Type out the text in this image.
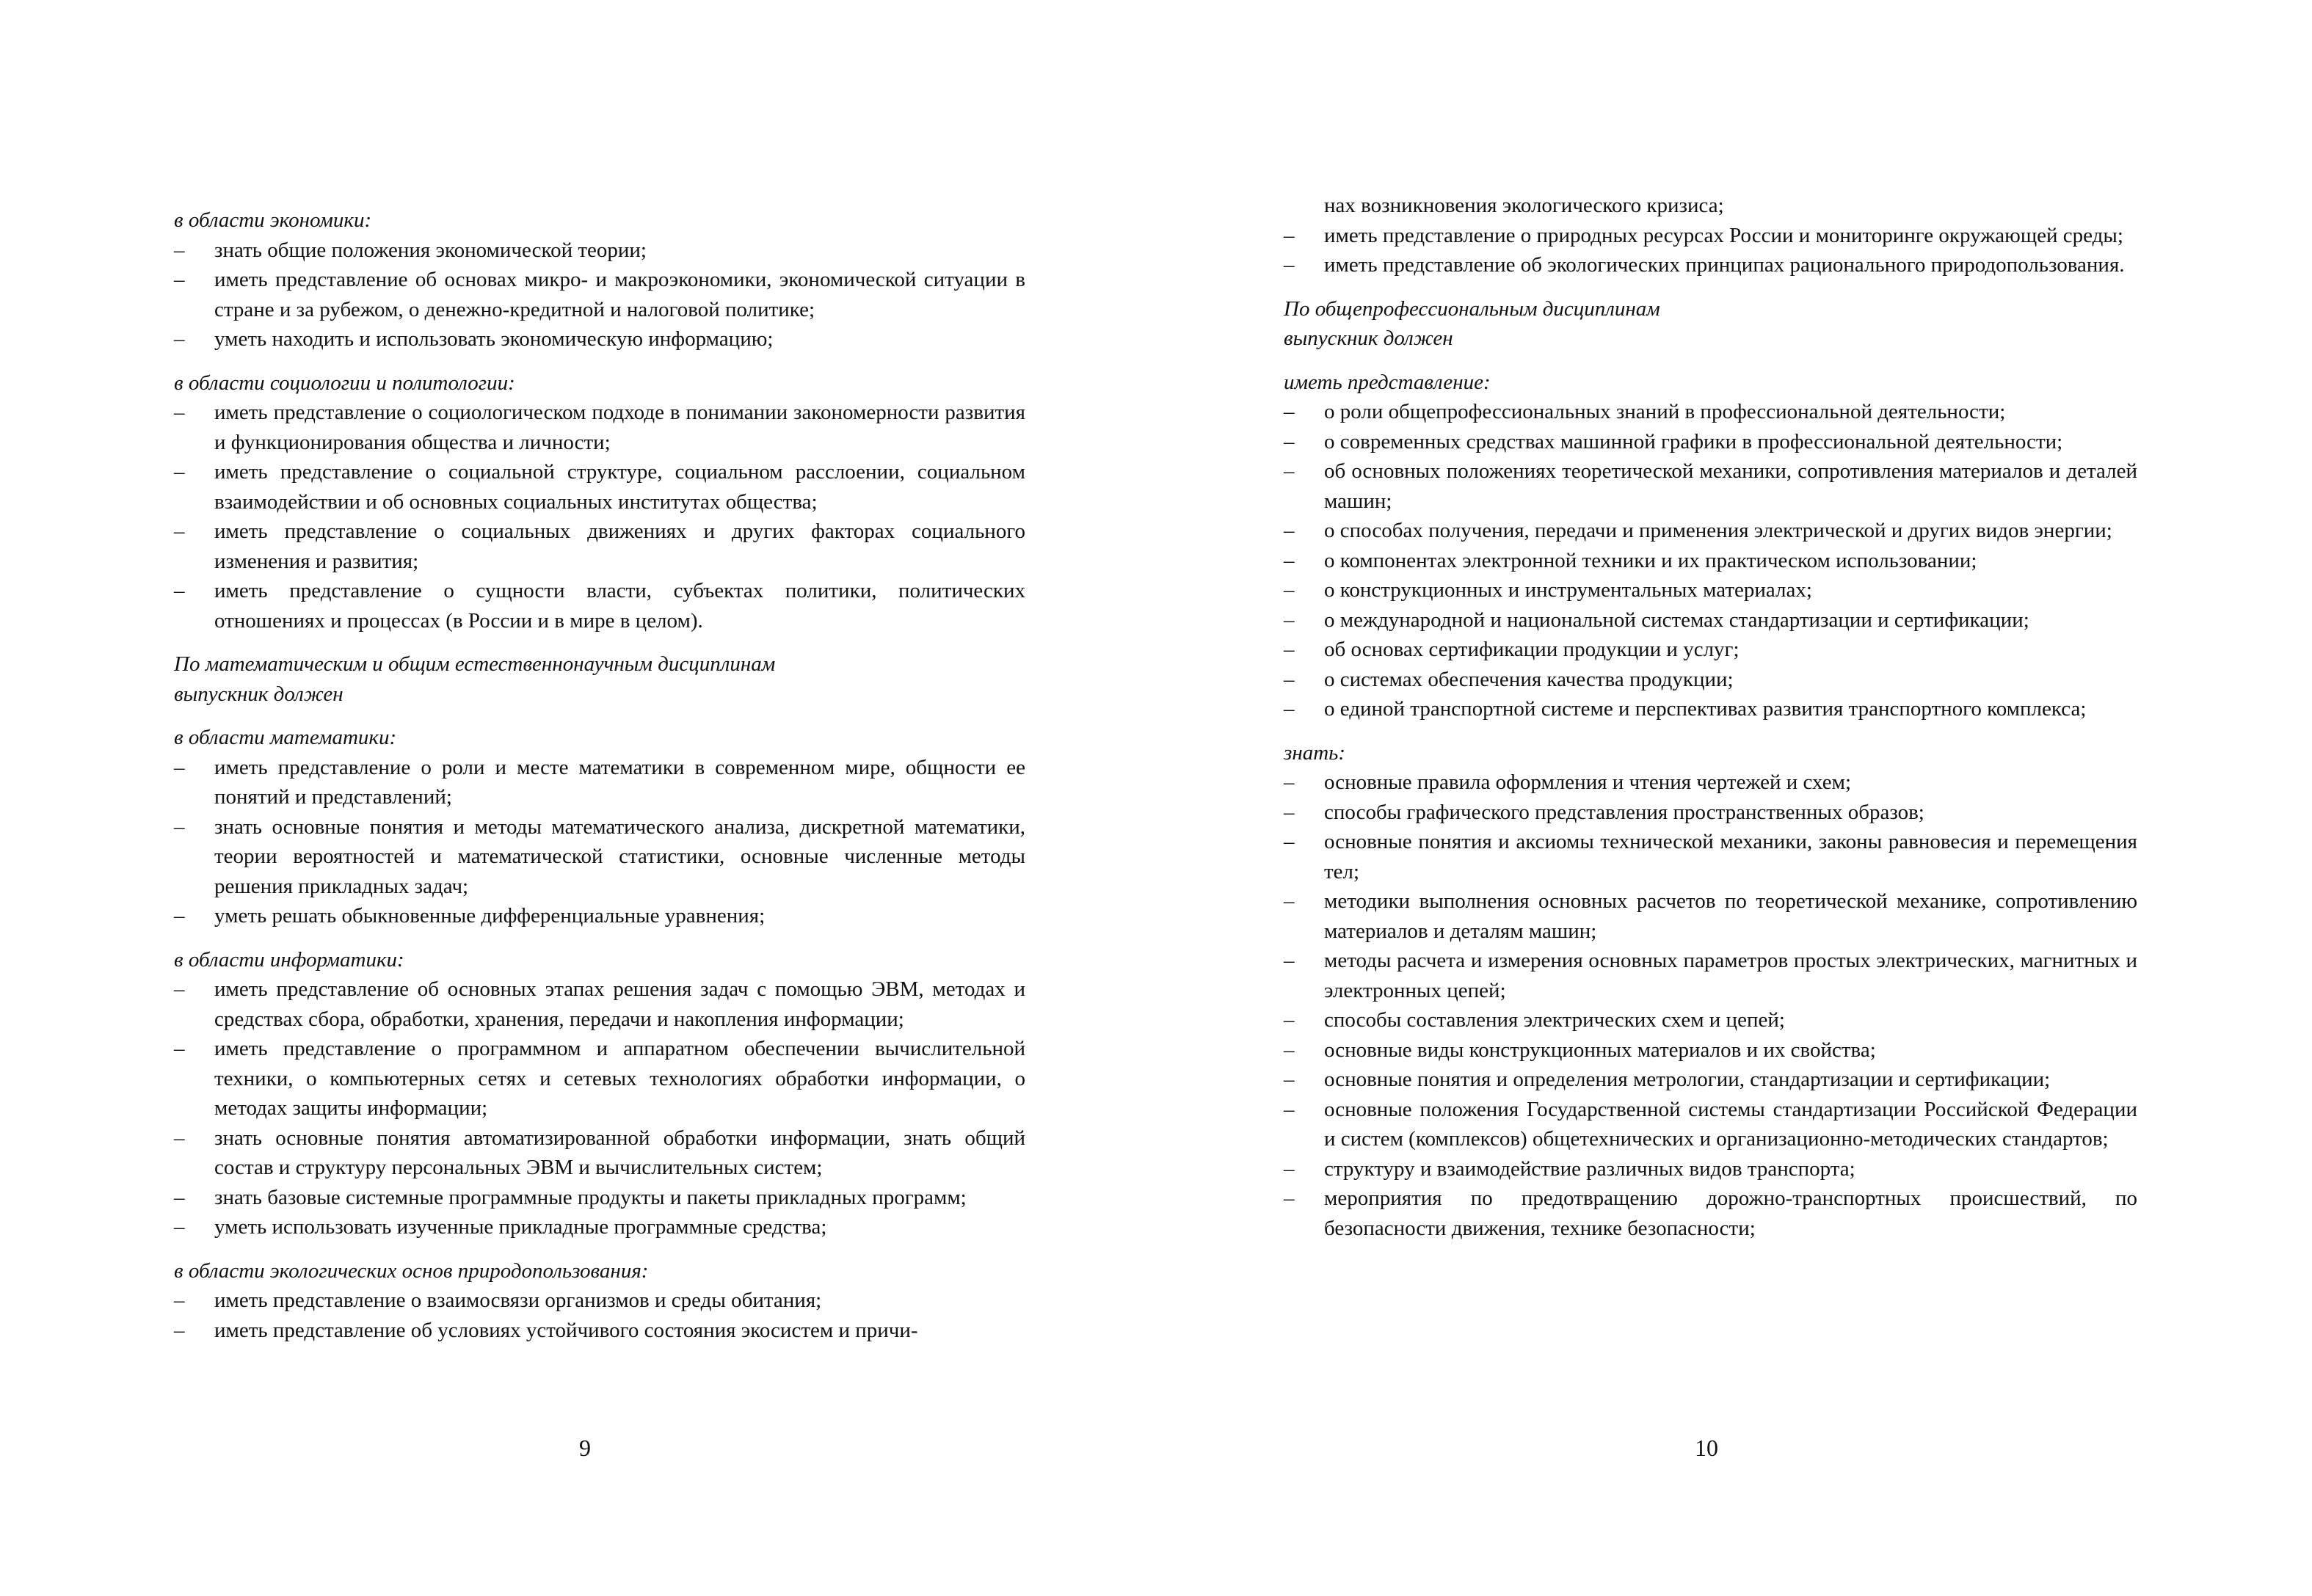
в области экономики:

– знать общие положения экономической теории;
– иметь представление об основах микро- и макроэкономики, экономической ситуации в стране и за рубежом, о денежно-кредитной и налоговой политике;
– уметь находить и использовать экономическую информацию;

в области социологии и политологии:

– иметь представление о социологическом подходе в понимании закономерности развития и функционирования общества и личности;
– иметь представление о социальной структуре, социальном расслоении, социальном взаимодействии и об основных социальных институтах общества;
– иметь представление о социальных движениях и других факторах социального изменения и развития;
– иметь представление о сущности власти, субъектах политики, политических отношениях и процессах (в России и в мире в целом).

По математическим и общим естественнонаучным дисциплинам
выпускник должен

в области математики:

– иметь представление о роли и месте математики в современном мире, общности ее понятий и представлений;
– знать основные понятия и методы математического анализа, дискретной математики, теории вероятностей и математической статистики, основные численные методы решения прикладных задач;
– уметь решать обыкновенные дифференциальные уравнения;

в области информатики:

– иметь представление об основных этапах решения задач с помощью ЭВМ, методах и средствах сбора, обработки, хранения, передачи и накопления информации;
– иметь представление о программном и аппаратном обеспечении вычислительной техники, о компьютерных сетях и сетевых технологиях обработки информации, о методах защиты информации;
– знать основные понятия автоматизированной обработки информации, знать общий состав и структуру персональных ЭВМ и вычислительных систем;
– знать базовые системные программные продукты и пакеты прикладных программ;
– уметь использовать изученные прикладные программные средства;

в области экологических основ природопользования:

– иметь представление о взаимосвязи организмов и среды обитания;
– иметь представление об условиях устойчивого состояния экосистем и причи-
9

нах возникновения экологического кризиса;

– иметь представление о природных ресурсах России и мониторинге окружающей среды;
– иметь представление об экологических принципах рационального природопользования.

По общепрофессиональным дисциплинам
выпускник должен

иметь представление:

– о роли общепрофессиональных знаний в профессиональной деятельности;
– о современных средствах машинной графики в профессиональной деятельности;
– об основных положениях теоретической механики, сопротивления материалов и деталей машин;
– о способах получения, передачи и применения электрической и других видов энергии;
– о компонентах электронной техники и их практическом использовании;
– о конструкционных и инструментальных материалах;
– о международной и национальной системах стандартизации и сертификации;
– об основах сертификации продукции и услуг;
– о системах обеспечения качества продукции;
– о единой транспортной системе и перспективах развития транспортного комплекса;

знать:

– основные правила оформления и чтения чертежей и схем;
– способы графического представления пространственных образов;
– основные понятия и аксиомы технической механики, законы равновесия и перемещения тел;
– методики выполнения основных расчетов по теоретической механике, сопротивлению материалов и деталям машин;
– методы расчета и измерения основных параметров простых электрических, магнитных и электронных цепей;
– способы составления электрических схем и цепей;
– основные виды конструкционных материалов и их свойства;
– основные понятия и определения метрологии, стандартизации и сертификации;
– основные положения Государственной системы стандартизации Российской Федерации и систем (комплексов) общетехнических и организационно-методических стандартов;
– структуру и взаимодействие различных видов транспорта;
– мероприятия по предотвращению дорожно-транспортных происшествий, по безопасности движения, технике безопасности;
10
